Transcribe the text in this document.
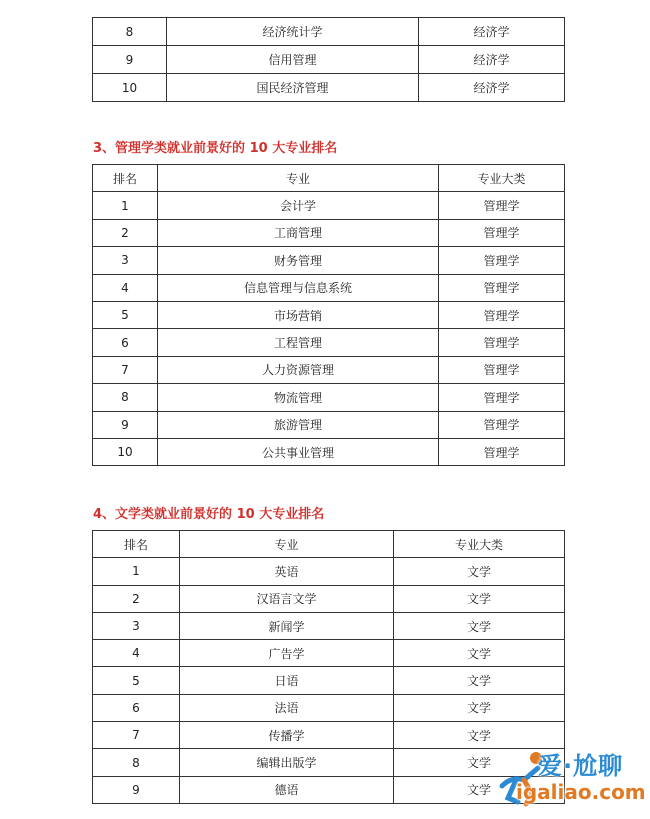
8	经济统计学	经济学
9	信用管理	经济学
10	国民经济管理	经济学
3、管理学类就业前景好的 10 大专业排名
排名	专业	专业大类
1	会计学	管理学
2	工商管理	管理学
3	财务管理	管理学
4	信息管理与信息系统	管理学
5	市场营销	管理学
6	工程管理	管理学
7	人力资源管理	管理学
8	物流管理	管理学
9	旅游管理	管理学
10	公共事业管理	管理学
4、文学类就业前景好的 10 大专业排名
排名	专业	专业大类
1	英语	文学
2	汉语言文学	文学
3	新闻学	文学
4	广告学	文学
5	日语	文学
6	法语	文学
7	传播学	文学
8	编辑出版学	文学
9	德语	文学
爱·尬聊
igaliao.com
